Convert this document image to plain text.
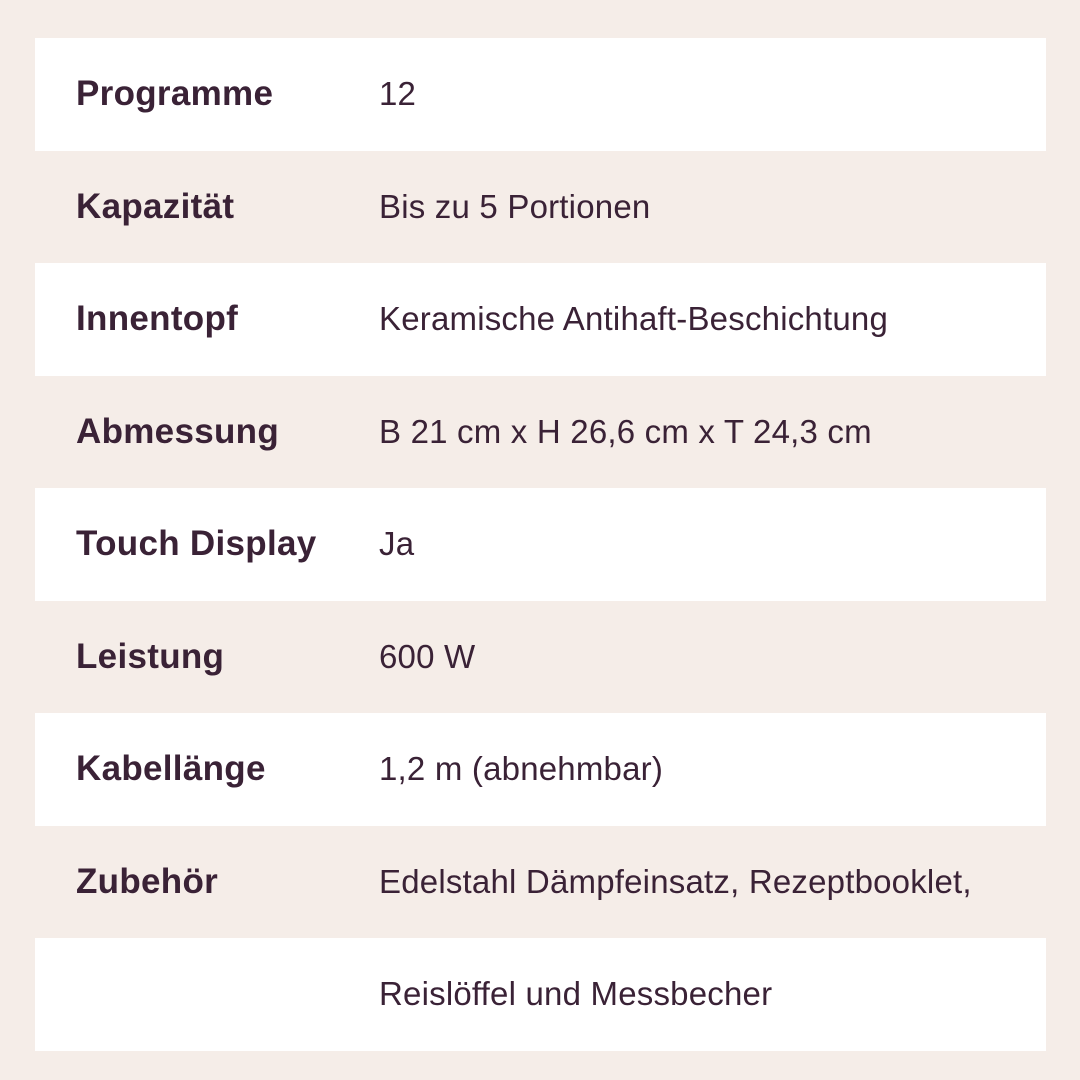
Programme	12
Kapazität	Bis zu 5 Portionen
Innentopf	Keramische Antihaft-Beschichtung
Abmessung	B 21 cm x H 26,6 cm x T 24,3 cm
Touch Display	Ja
Leistung	600 W
Kabellänge	1,2 m (abnehmbar)
Zubehör	Edelstahl Dämpfeinsatz, Rezeptbooklet,
Reislöffel und Messbecher
